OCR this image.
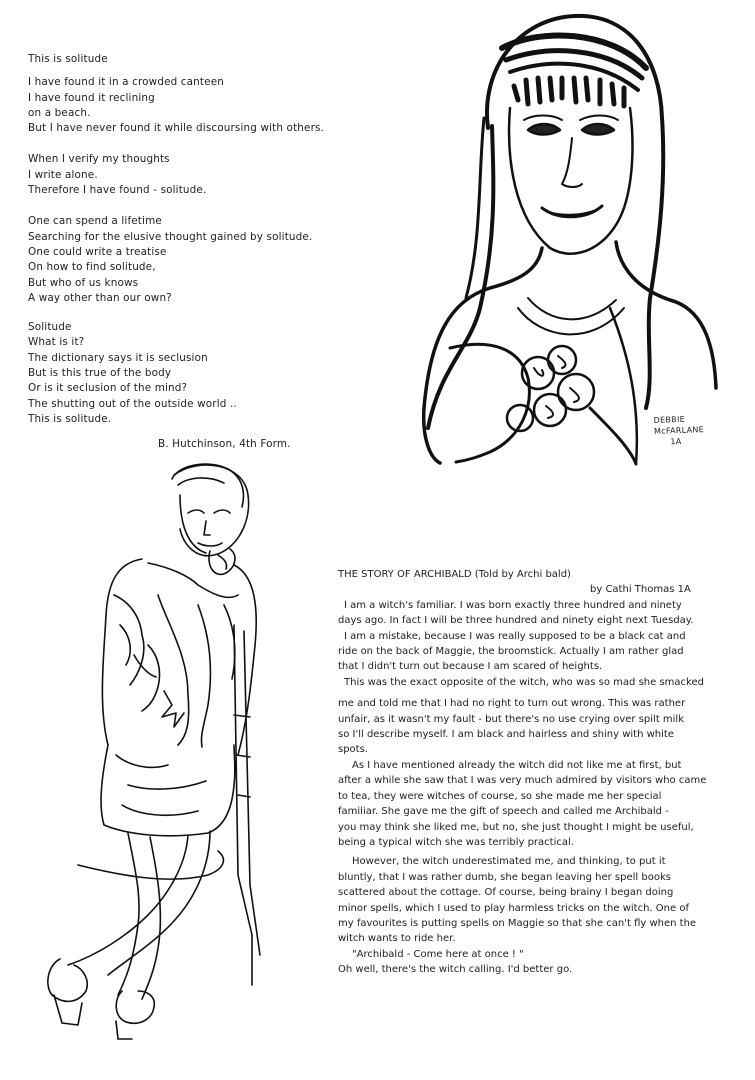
This is solitude
I have found it in a crowded canteen
I have found it reclining
on a beach.
But I have never found it while discoursing with others.
When I verify my thoughts
I write alone.
Therefore I have found - solitude.
One can spend a lifetime
Searching for the elusive thought gained by solitude.
One could write a treatise
On how to find solitude,
But who of us knows
A way other than our own?
Solitude
What is it?
The dictionary says it is seclusion
But is this true of the body
Or is it seclusion of the mind?
The shutting out of the outside world ..
This is solitude.
B. Hutchinson, 4th Form.
DEBBIE
McFARLANE
1A
THE STORY OF ARCHIBALD (Told by Archi bald)
by Cathi Thomas 1A
I am a witch's familiar. I was born exactly three hundred and ninety
days ago. In fact I will be three hundred and ninety eight next Tuesday.
I am a mistake, because I was really supposed to be a black cat and
ride on the back of Maggie, the broomstick. Actually I am rather glad
that I didn't turn out because I am scared of heights.
This was the exact opposite of the witch, who was so mad she smacked
me and told me that I had no right to turn out wrong. This was rather
unfair, as it wasn't my fault - but there's no use crying over spilt milk
so I'll describe myself. I am black and hairless and shiny with white
spots.
As I have mentioned already the witch did not like me at first, but
after a while she saw that I was very much admired by visitors who came
to tea, they were witches of course, so she made me her special
familiar. She gave me the gift of speech and called me Archibald -
you may think she liked me, but no, she just thought I might be useful,
being a typical witch she was terribly practical.
However, the witch underestimated me, and thinking, to put it
bluntly, that I was rather dumb, she began leaving her spell books
scattered about the cottage. Of course, being brainy I began doing
minor spells, which I used to play harmless tricks on the witch. One of
my favourites is putting spells on Maggie so that she can't fly when the
witch wants to ride her.
"Archibald - Come here at once ! "
Oh well, there's the witch calling. I'd better go.
